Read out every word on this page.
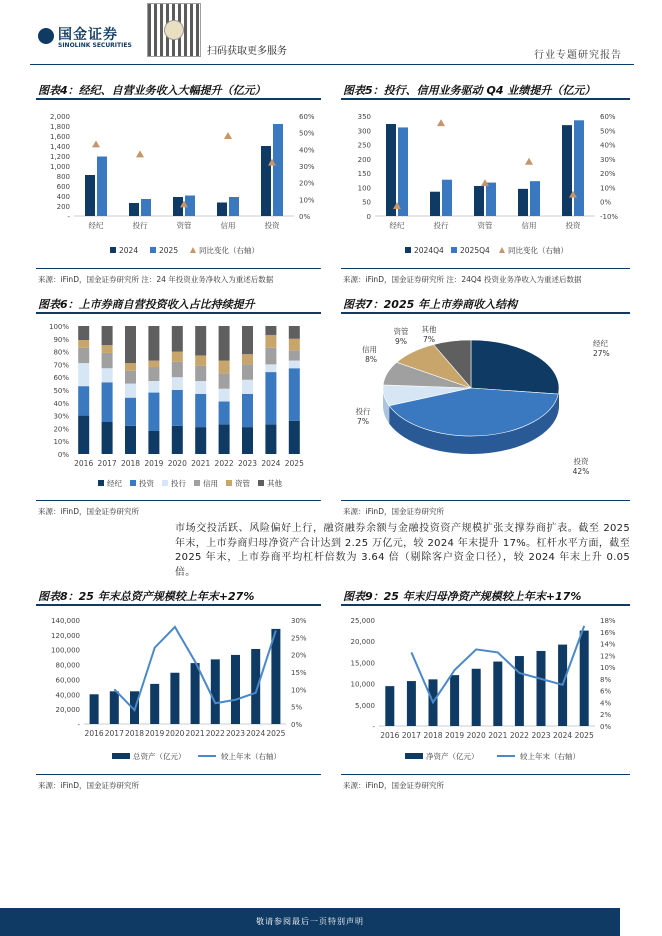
国金证券
SINOLINK SECURITIES
扫码获取更多服务	行业专题研究报告
图表4：经纪、自营业务收入大幅提升（亿元）
-
200
400
600
800
1,000
1,200
1,400
1,600
1,800
2,000
0%
10%
20%
30%
40%
50%
60%
经纪	投行	资管	信用	投资
2024	2025	同比变化（右轴）
来源：iFinD，国金证券研究所 注：24 年投资业务净收入为重述后数据
图表5：投行、信用业务驱动 Q4 业绩提升（亿元）
0
50
100
150
200
250
300
350
-10%
0%
10%
20%
30%
40%
50%
60%
经纪	投行	资管	信用	投资
2024Q4 2025Q4 同比变化（右轴）
来源：iFinD，国金证券研究所 注：24Q4 投资业务净收入为重述后数据
图表6：上市券商自营投资收入占比持续提升
0%
10%
20%
30%
40%
50%
60%
70%
80%
90%
100%
2016 2017 2018 2019 2020 2021 2022 2023 2024 2025
经纪 投资 投行 信用 资管 其他
来源：iFinD，国金证券研究所
图表7：2025 年上市券商收入结构
经纪
27%
投资
42%
投行
7%
信用
8%
资管
9%
其他
7%
来源：iFinD，国金证券研究所
市场交投活跃、风险偏好上行，融资融券余额与金融投资资产规模扩张支撑券商扩表。截至 2025 年末，上市券商归母净资产合计达到 2.25 万亿元，较 2024 年末提升 17%。杠杆水平方面，截至 2025 年末，上市券商平均杠杆倍数为 3.64 倍（剔除客户资金口径），较 2024 年末上升 0.05 倍。
图表8：25 年末总资产规模较上年末+27%
-
20,000
40,000
60,000
80,000
100,000
120,000
140,000
0%
5%
10%
15%
20%
25%
30%
2016 2017 2018 2019 2020 2021 2022 2023 2024 2025
总资产（亿元）	较上年末（右轴）
来源：iFinD，国金证券研究所
图表9：25 年末归母净资产规模较上年末+17%
-
5,000
10,000
15,000
20,000
25,000
0%
2%
4%
6%
8%
10%
12%
14%
16%
18%
2016 2017 2018 2019 2020 2021 2022 2023 2024 2025
净资产（亿元）	较上年末（右轴）
来源：iFinD，国金证券研究所
敬请参阅最后一页特别声明
